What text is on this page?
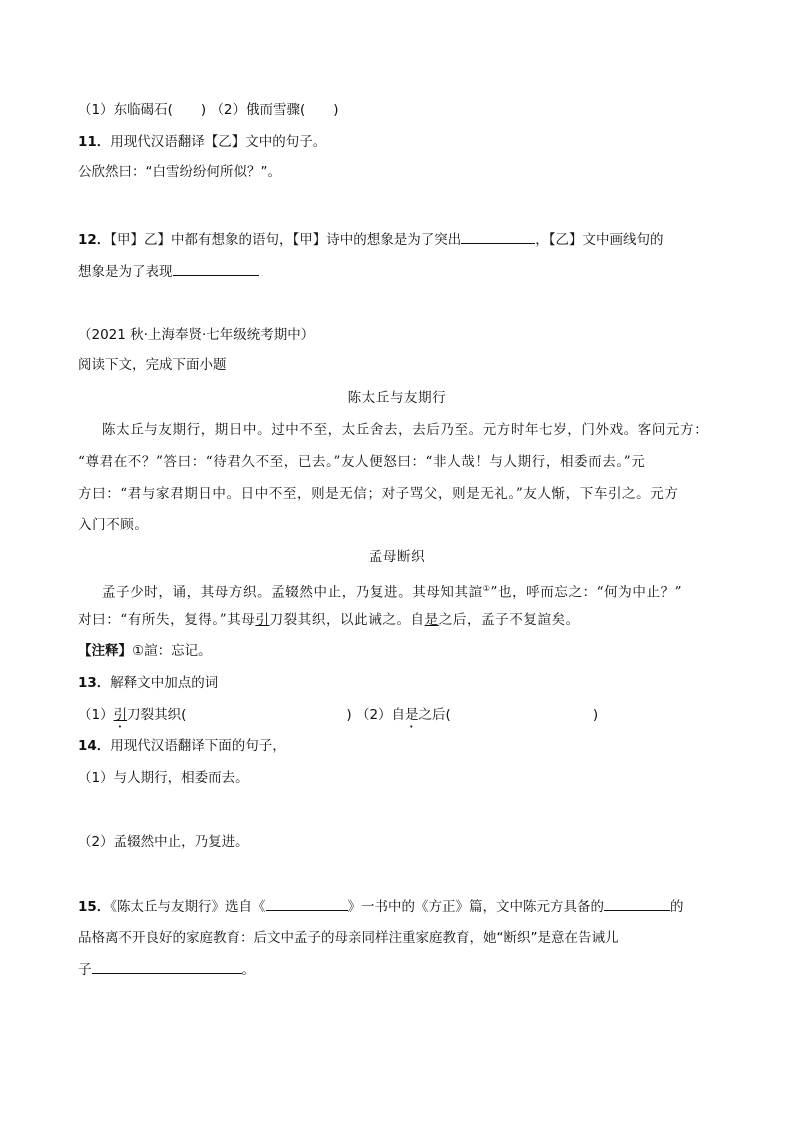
（1）东临碣石( ) （2）俄而雪骤( )
11．用现代汉语翻译【乙】文中的句子。
公欣然曰：“白雪纷纷何所似？”。
12．【甲】乙】中都有想象的语句，【甲】诗中的想象是为了突出	，【乙】文中画线句的
想象是为了表现
（2021 秋·上海奉贤·七年级统考期中）
阅读下文，完成下面小题
陈太丘与友期行
陈太丘与友期行，期日中。过中不至，太丘舍去，去后乃至。元方时年七岁，门外戏。客问元方：
“尊君在不？”答曰：“待君久不至，已去。”友人便怒曰：“非人哉！与人期行，相委而去。”元
方曰：“君与家君期日中。日中不至，则是无信；对子骂父，则是无礼。”友人惭，下车引之。元方
入门不顾。
孟母断织
孟子少时，诵，其母方织。孟辍然中止，乃复进。其母知其諠①”也，呼而忘之：“何为中止？”
对曰：“有所失，复得。”其母引刀裂其织，以此诫之。自是之后，孟子不复諠矣。
【注释】①諠：忘记。
13．解释文中加点的词
（1）引刀裂其织(	) （2）自是之后(	)
14．用现代汉语翻译下面的句子，
（1）与人期行，相委而去。
（2）孟辍然中止，乃复进。
15．《陈太丘与友期行》选自《	》一书中的《方正》篇，文中陈元方具备的	的
品格离不开良好的家庭教育：后文中孟子的母亲同样注重家庭教育，她“断织”是意在告诫儿
子	。
